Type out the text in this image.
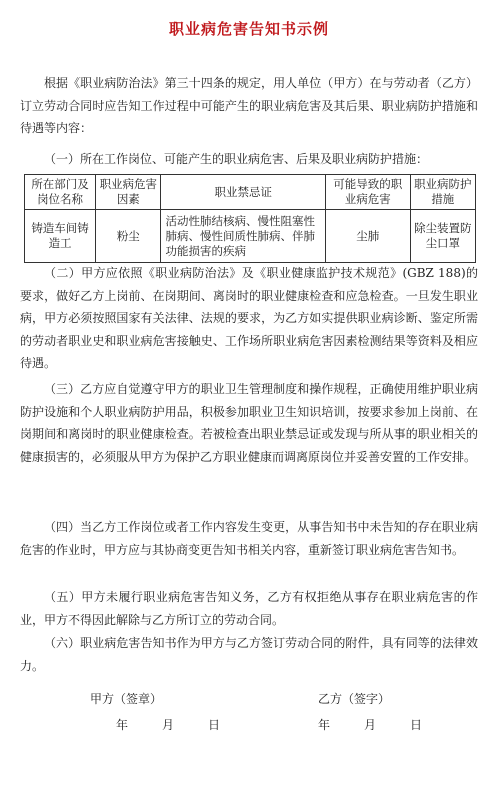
职业病危害告知书示例

根据《职业病防治法》第三十四条的规定，用人单位（甲方）在与劳动者（乙方）订立劳动合同时应告知工作过程中可能产生的职业病危害及其后果、职业病防护措施和待遇等内容：

（一）所在工作岗位、可能产生的职业病危害、后果及职业病防护措施：

所在部门及岗位名称	职业病危害因素	职业禁忌证	可能导致的职业病危害	职业病防护措施
铸造车间铸造工	粉尘	活动性肺结核病、慢性阻塞性肺病、慢性间质性肺病、伴肺功能损害的疾病	尘肺	除尘装置防尘口罩

（二）甲方应依照《职业病防治法》及《职业健康监护技术规范》(GBZ 188)的要求，做好乙方上岗前、在岗期间、离岗时的职业健康检查和应急检查。一旦发生职业病，甲方必须按照国家有关法律、法规的要求，为乙方如实提供职业病诊断、鉴定所需的劳动者职业史和职业病危害接触史、工作场所职业病危害因素检测结果等资料及相应待遇。

（三）乙方应自觉遵守甲方的职业卫生管理制度和操作规程，正确使用维护职业病防护设施和个人职业病防护用品，积极参加职业卫生知识培训，按要求参加上岗前、在岗期间和离岗时的职业健康检查。若被检查出职业禁忌证或发现与所从事的职业相关的健康损害的，必须服从甲方为保护乙方职业健康而调离原岗位并妥善安置的工作安排。

（四）当乙方工作岗位或者工作内容发生变更，从事告知书中未告知的存在职业病危害的作业时，甲方应与其协商变更告知书相关内容，重新签订职业病危害告知书。

（五）甲方未履行职业病危害告知义务，乙方有权拒绝从事存在职业病危害的作业，甲方不得因此解除与乙方所订立的劳动合同。

（六）职业病危害告知书作为甲方与乙方签订劳动合同的附件，具有同等的法律效力。

甲方（签章）	乙方（签字）
年	月	日	年	月	日
